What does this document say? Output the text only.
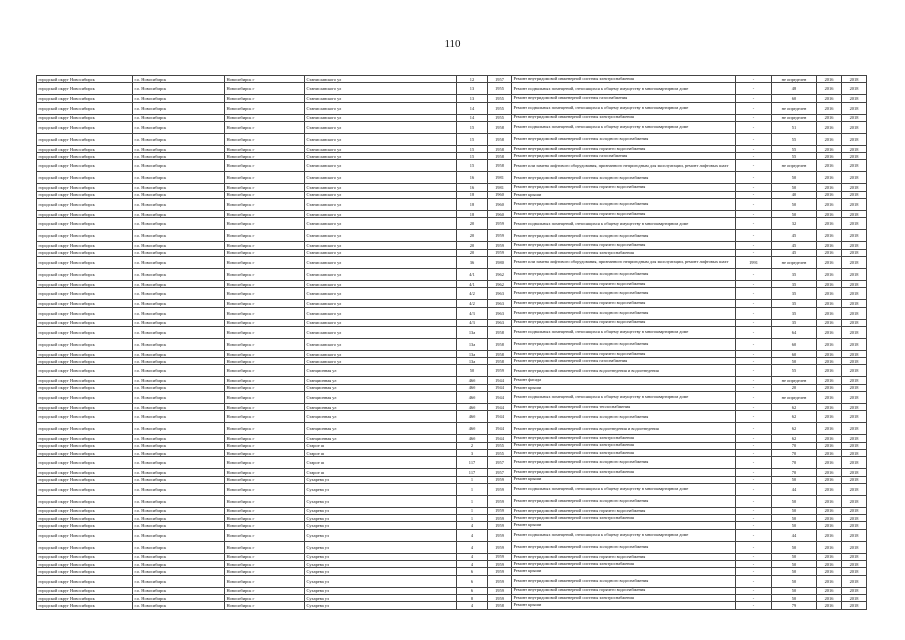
110
городской округ Новосибирск	г.о. Новосибирск	Новосибирск г	Станиславского ул	12	1957	Ремонт внутридомовой инженерной системы электроснабжения	-	не определен	2016	2018
городской округ Новосибирск	г.о. Новосибирск	Новосибирск г	Станиславского ул	13	1955	Ремонт подвальных помещений, относящихся к общему имуществу в многоквартирном доме	-	48	2016	2018
городской округ Новосибирск	г.о. Новосибирск	Новосибирск г	Станиславского ул	13	1955	Ремонт внутридомовой инженерной системы газоснабжения	-	60	2016	2018
городской округ Новосибирск	г.о. Новосибирск	Новосибирск г	Станиславского ул	14	1955	Ремонт подвальных помещений, относящихся к общему имуществу в многоквартирном доме	-	не определен	2016	2018
городской округ Новосибирск	г.о. Новосибирск	Новосибирск г	Станиславского ул	14	1955	Ремонт внутридомовой инженерной системы электроснабжения	-	не определен	2016	2018
городской округ Новосибирск	г.о. Новосибирск	Новосибирск г	Станиславского ул	15	1958	Ремонт подвальных помещений, относящихся к общему имуществу в многоквартирном доме	-	51	2016	2018
городской округ Новосибирск	г.о. Новосибирск	Новосибирск г	Станиславского ул	15	1958	Ремонт внутридомовой инженерной системы холодного водоснабжения	-	55	2016	2018
городской округ Новосибирск	г.о. Новосибирск	Новосибирск г	Станиславского ул	15	1958	Ремонт внутридомовой инженерной системы горячего водоснабжения	-	55	2016	2018
городской округ Новосибирск	г.о. Новосибирск	Новосибирск г	Станиславского ул	15	1958	Ремонт внутридомовой инженерной системы газоснабжения	-	55	2016	2018
городской округ Новосибирск	г.о. Новосибирск	Новосибирск г	Станиславского ул	15	1958	Ремонт или замена лифтового оборудования, признанного непригодным для эксплуатации, ремонт лифтовых шахт	-	не определен	2016	2018
городской округ Новосибирск	г.о. Новосибирск	Новосибирск г	Станиславского ул	16	1981	Ремонт внутридомовой инженерной системы холодного водоснабжения	-	50	2016	2018
городской округ Новосибирск	г.о. Новосибирск	Новосибирск г	Станиславского ул	16	1981	Ремонт внутридомовой инженерной системы горячего водоснабжения	-	50	2016	2018
городской округ Новосибирск	г.о. Новосибирск	Новосибирск г	Станиславского ул	18	1960	Ремонт крыши	-	40	2016	2018
городской округ Новосибирск	г.о. Новосибирск	Новосибирск г	Станиславского ул	18	1960	Ремонт внутридомовой инженерной системы холодного водоснабжения	-	50	2016	2018
городской округ Новосибирск	г.о. Новосибирск	Новосибирск г	Станиславского ул	18	1960	Ремонт внутридомовой инженерной системы горячего водоснабжения	-	50	2016	2018
городской округ Новосибирск	г.о. Новосибирск	Новосибирск г	Станиславского ул	20	1959	Ремонт подвальных помещений, относящихся к общему имуществу в многоквартирном доме	-	32	2016	2018
городской округ Новосибирск	г.о. Новосибирск	Новосибирск г	Станиславского ул	20	1959	Ремонт внутридомовой инженерной системы холодного водоснабжения	-	45	2016	2018
городской округ Новосибирск	г.о. Новосибирск	Новосибирск г	Станиславского ул	20	1959	Ремонт внутридомовой инженерной системы горячего водоснабжения	-	45	2016	2018
городской округ Новосибирск	г.о. Новосибирск	Новосибирск г	Станиславского ул	20	1959	Ремонт внутридомовой инженерной системы электроснабжения	-	45	2016	2018
городской округ Новосибирск	г.о. Новосибирск	Новосибирск г	Станиславского ул	36	1980	Ремонт или замена лифтового оборудования, признанного непригодным для эксплуатации, ремонт лифтовых шахт	1991	не определен	2016	2018
городской округ Новосибирск	г.о. Новосибирск	Новосибирск г	Станиславского ул	4/1	1962	Ремонт внутридомовой инженерной системы холодного водоснабжения	-	35	2016	2018
городской округ Новосибирск	г.о. Новосибирск	Новосибирск г	Станиславского ул	4/1	1962	Ремонт внутридомовой инженерной системы горячего водоснабжения	-	35	2016	2018
городской округ Новосибирск	г.о. Новосибирск	Новосибирск г	Станиславского ул	4/2	1963	Ремонт внутридомовой инженерной системы холодного водоснабжения	-	35	2016	2018
городской округ Новосибирск	г.о. Новосибирск	Новосибирск г	Станиславского ул	4/2	1963	Ремонт внутридомовой инженерной системы горячего водоснабжения	-	35	2016	2018
городской округ Новосибирск	г.о. Новосибирск	Новосибирск г	Станиславского ул	4/3	1963	Ремонт внутридомовой инженерной системы холодного водоснабжения	-	35	2016	2018
городской округ Новосибирск	г.о. Новосибирск	Новосибирск г	Станиславского ул	4/3	1963	Ремонт внутридомовой инженерной системы горячего водоснабжения	-	35	2016	2018
городской округ Новосибирск	г.о. Новосибирск	Новосибирск г	Станиславского ул	13а	1958	Ремонт подвальных помещений, относящихся к общему имуществу в многоквартирном доме	-	64	2016	2018
городской округ Новосибирск	г.о. Новосибирск	Новосибирск г	Станиславского ул	13а	1958	Ремонт внутридомовой инженерной системы холодного водоснабжения	-	60	2016	2018
городской округ Новосибирск	г.о. Новосибирск	Новосибирск г	Станиславского ул	13а	1958	Ремонт внутридомовой инженерной системы горячего водоснабжения	-	60	2016	2018
городской округ Новосибирск	г.о. Новосибирск	Новосибирск г	Станиславского ул	13а	1958	Ремонт внутридомовой инженерной системы газоснабжения	-	50	2016	2018
городской округ Новосибирск	г.о. Новосибирск	Новосибирск г	Станционная ул	50	1959	Ремонт внутридомовой инженерной системы водоотведения и водоотведения	-	55	2016	2018
городской округ Новосибирск	г.о. Новосибирск	Новосибирск г	Станционная ул	46б	1944	Ремонт фасада	-	не определен	2016	2018
городской округ Новосибирск	г.о. Новосибирск	Новосибирск г	Станционная ул	46б	1944	Ремонт крыши	-	20	2016	2018
городской округ Новосибирск	г.о. Новосибирск	Новосибирск г	Станционная ул	46б	1944	Ремонт подвальных помещений, относящихся к общему имуществу в многоквартирном доме	-	не определен	2016	2018
городской округ Новосибирск	г.о. Новосибирск	Новосибирск г	Станционная ул	46б	1944	Ремонт внутридомовой инженерной системы теплоснабжения	-	62	2016	2018
городской округ Новосибирск	г.о. Новосибирск	Новосибирск г	Станционная ул	46б	1944	Ремонт внутридомовой инженерной системы холодного водоснабжения	-	62	2016	2018
городской округ Новосибирск	г.о. Новосибирск	Новосибирск г	Станционная ул	46б	1944	Ремонт внутридомовой инженерной системы водоотведения и водоотведения	-	62	2016	2018
городской округ Новосибирск	г.о. Новосибирск	Новосибирск г	Станционная ул	46б	1944	Ремонт внутридомовой инженерной системы электроснабжения	-	62	2016	2018
городской округ Новосибирск	г.о. Новосибирск	Новосибирск г	Старое ш	2	1955	Ремонт внутридомовой инженерной системы электроснабжения	-	70	2016	2018
городской округ Новосибирск	г.о. Новосибирск	Новосибирск г	Старое ш	3	1955	Ремонт внутридомовой инженерной системы электроснабжения	-	70	2016	2018
городской округ Новосибирск	г.о. Новосибирск	Новосибирск г	Старое ш	117	1957	Ремонт внутридомовой инженерной системы холодного водоснабжения	-	70	2016	2018
городской округ Новосибирск	г.о. Новосибирск	Новосибирск г	Старое ш	117	1957	Ремонт внутридомовой инженерной системы электроснабжения	-	70	2016	2018
городской округ Новосибирск	г.о. Новосибирск	Новосибирск г	Сухарева ул	1	1959	Ремонт крыши	-	50	2016	2018
городской округ Новосибирск	г.о. Новосибирск	Новосибирск г	Сухарева ул	1	1959	Ремонт подвальных помещений, относящихся к общему имуществу в многоквартирном доме	-	44	2016	2018
городской округ Новосибирск	г.о. Новосибирск	Новосибирск г	Сухарева ул	1	1959	Ремонт внутридомовой инженерной системы холодного водоснабжения	-	50	2016	2018
городской округ Новосибирск	г.о. Новосибирск	Новосибирск г	Сухарева ул	1	1959	Ремонт внутридомовой инженерной системы горячего водоснабжения	-	50	2016	2018
городской округ Новосибирск	г.о. Новосибирск	Новосибирск г	Сухарева ул	1	1959	Ремонт внутридомовой инженерной системы электроснабжения	-	50	2016	2018
городской округ Новосибирск	г.о. Новосибирск	Новосибирск г	Сухарева ул	4	1959	Ремонт крыши	-	50	2016	2018
городской округ Новосибирск	г.о. Новосибирск	Новосибирск г	Сухарева ул	4	1959	Ремонт подвальных помещений, относящихся к общему имуществу в многоквартирном доме	-	44	2016	2018
городской округ Новосибирск	г.о. Новосибирск	Новосибирск г	Сухарева ул	4	1959	Ремонт внутридомовой инженерной системы холодного водоснабжения	-	50	2016	2018
городской округ Новосибирск	г.о. Новосибирск	Новосибирск г	Сухарева ул	4	1959	Ремонт внутридомовой инженерной системы горячего водоснабжения	-	50	2016	2018
городской округ Новосибирск	г.о. Новосибирск	Новосибирск г	Сухарева ул	4	1959	Ремонт внутридомовой инженерной системы электроснабжения	-	50	2016	2018
городской округ Новосибирск	г.о. Новосибирск	Новосибирск г	Сухарева ул	6	1959	Ремонт крыши	-	50	2016	2018
городской округ Новосибирск	г.о. Новосибирск	Новосибирск г	Сухарева ул	6	1959	Ремонт внутридомовой инженерной системы холодного водоснабжения	-	50	2016	2018
городской округ Новосибирск	г.о. Новосибирск	Новосибирск г	Сухарева ул	6	1959	Ремонт внутридомовой инженерной системы горячего водоснабжения	-	50	2016	2018
городской округ Новосибирск	г.о. Новосибирск	Новосибирск г	Сухарева ул	8	1959	Ремонт внутридомовой инженерной системы электроснабжения	-	50	2016	2018
городской округ Новосибирск	г.о. Новосибирск	Новосибирск г	Сухарева ул	4	1958	Ремонт крыши	-	79	2016	2018
